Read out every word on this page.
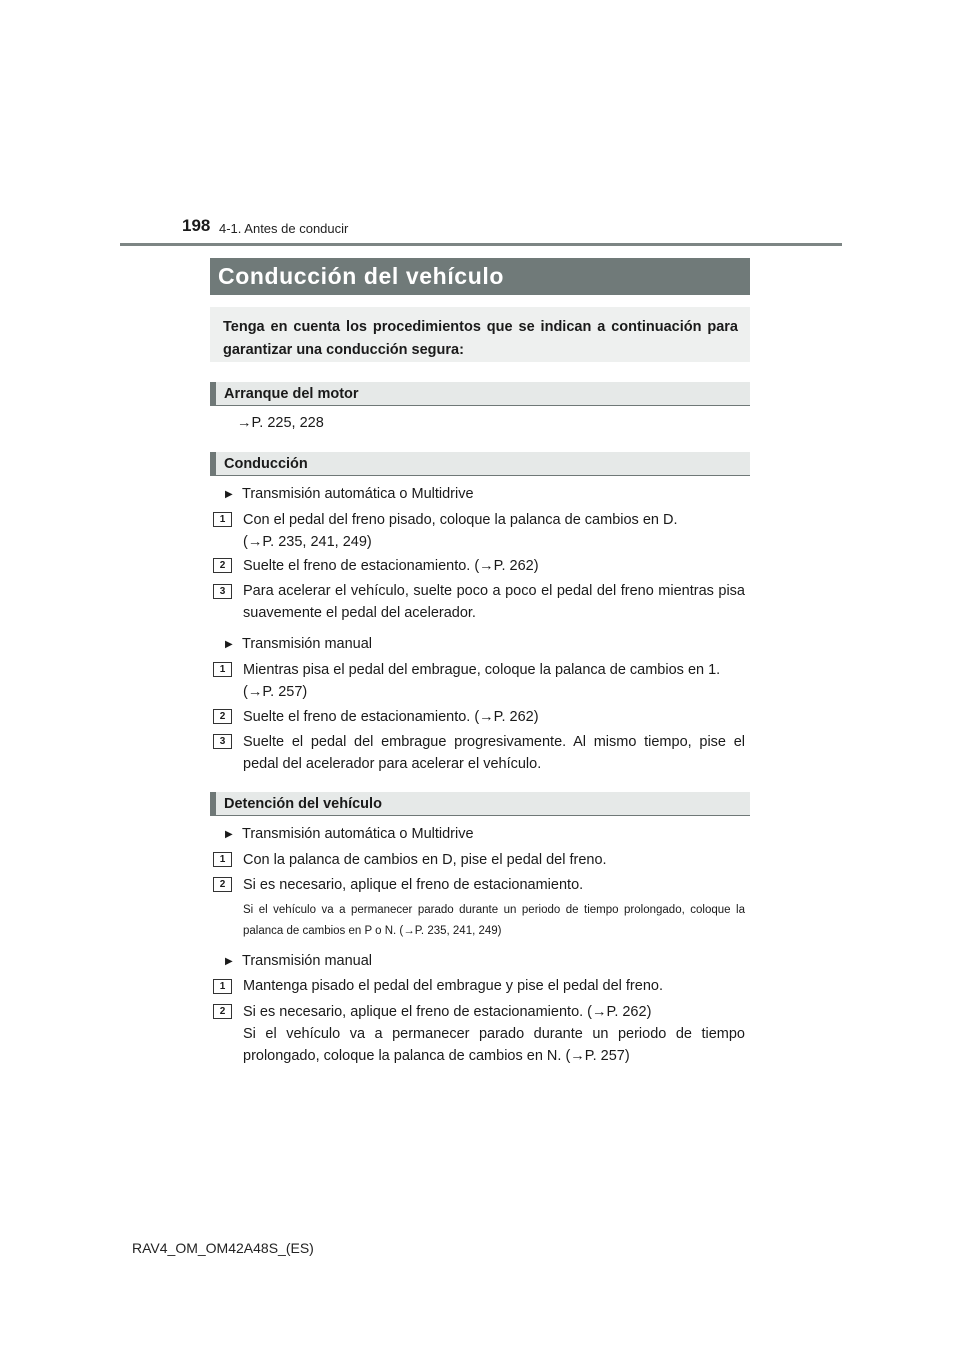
198 4-1. Antes de conducir
Conducción del vehículo
Tenga en cuenta los procedimientos que se indican a continuación para garantizar una conducción segura:
Arranque del motor
→P. 225, 228
Conducción
▶ Transmisión automática o Multidrive
1	Con el pedal del freno pisado, coloque la palanca de cambios en D.
(→P. 235, 241, 249)
2	Suelte el freno de estacionamiento. (→P. 262)
3	Para acelerar el vehículo, suelte poco a poco el pedal del freno mientras pisa suavemente el pedal del acelerador.
▶ Transmisión manual
1	Mientras pisa el pedal del embrague, coloque la palanca de cambios en 1.
(→P. 257)
2	Suelte el freno de estacionamiento. (→P. 262)
3	Suelte el pedal del embrague progresivamente. Al mismo tiempo, pise el pedal del acelerador para acelerar el vehículo.
Detención del vehículo
▶ Transmisión automática o Multidrive
1	Con la palanca de cambios en D, pise el pedal del freno.
2	Si es necesario, aplique el freno de estacionamiento.
Si el vehículo va a permanecer parado durante un periodo de tiempo prolongado, coloque la palanca de cambios en P o N. (→P. 235, 241, 249)
▶ Transmisión manual
1	Mantenga pisado el pedal del embrague y pise el pedal del freno.
2	Si es necesario, aplique el freno de estacionamiento. (→P. 262)
Si el vehículo va a permanecer parado durante un periodo de tiempo prolongado, coloque la palanca de cambios en N. (→P. 257)
RAV4_OM_OM42A48S_(ES)
